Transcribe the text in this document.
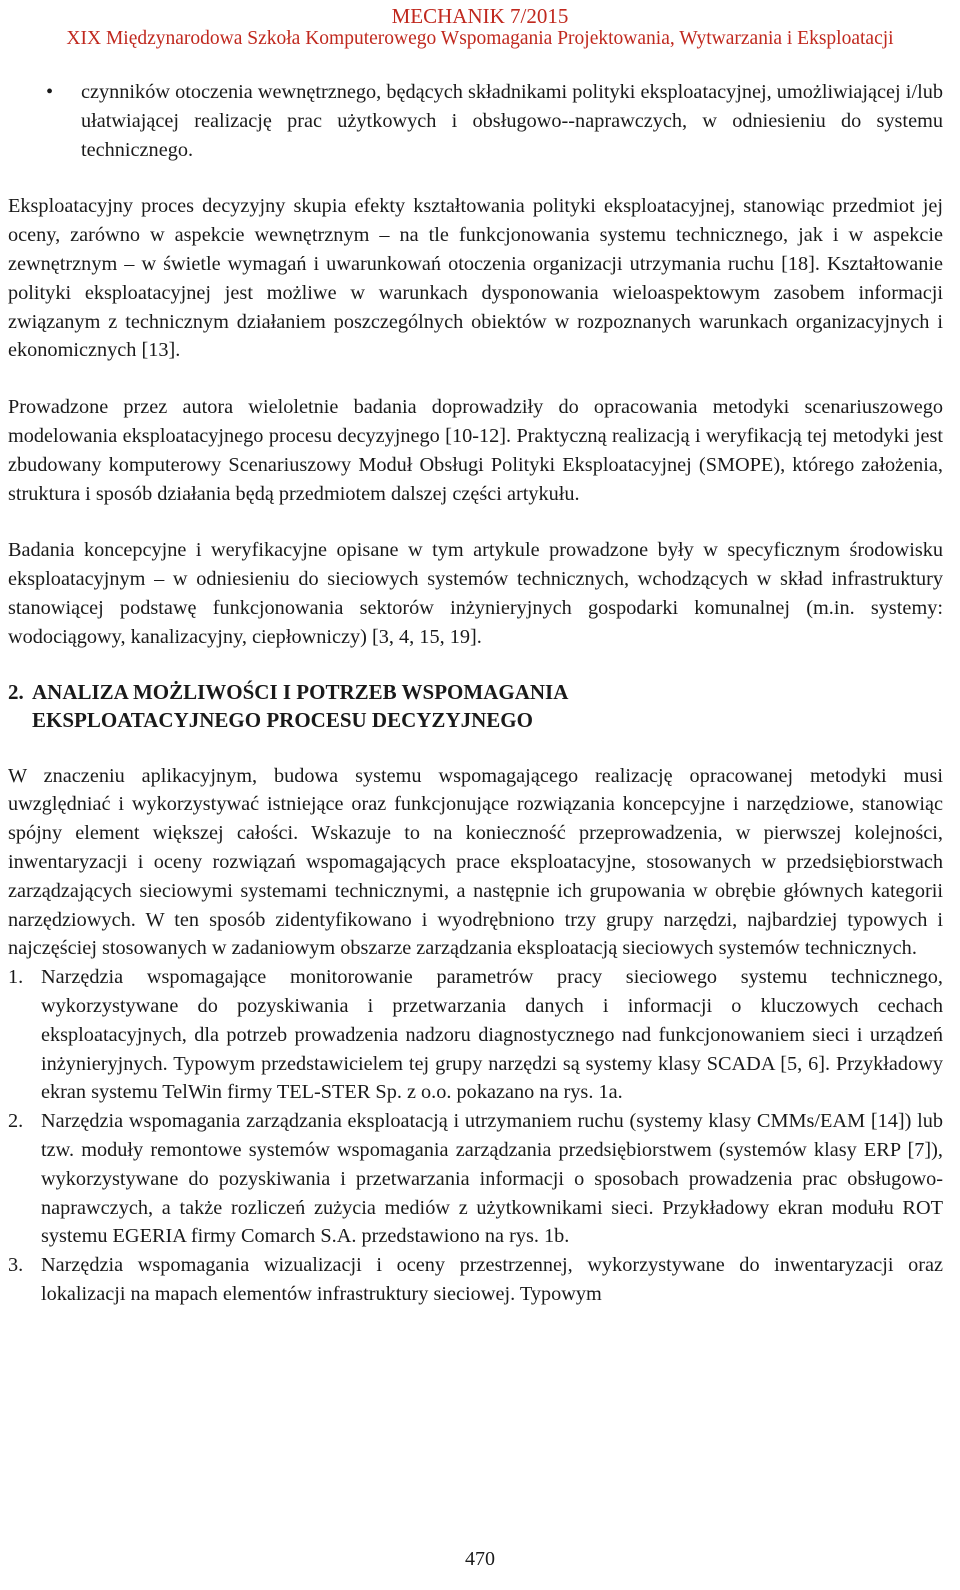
MECHANIK 7/2015
XIX Międzynarodowa Szkoła Komputerowego Wspomagania Projektowania, Wytwarzania i Eksploatacji

• czynników otoczenia wewnętrznego, będących składnikami polityki eksploatacyjnej, umożliwiającej i/lub ułatwiającej realizację prac użytkowych i obsługowo--naprawczych, w odniesieniu do systemu technicznego.

Eksploatacyjny proces decyzyjny skupia efekty kształtowania polityki eksploatacyjnej, stanowiąc przedmiot jej oceny, zarówno w aspekcie wewnętrznym – na tle funkcjonowania systemu technicznego, jak i w aspekcie zewnętrznym – w świetle wymagań i uwarunkowań otoczenia organizacji utrzymania ruchu [18]. Kształtowanie polityki eksploatacyjnej jest możliwe w warunkach dysponowania wieloaspektowym zasobem informacji związanym z technicznym działaniem poszczególnych obiektów w rozpoznanych warunkach organizacyjnych i ekonomicznych [13].

Prowadzone przez autora wieloletnie badania doprowadziły do opracowania metodyki scenariuszowego modelowania eksploatacyjnego procesu decyzyjnego [10-12]. Praktyczną realizacją i weryfikacją tej metodyki jest zbudowany komputerowy Scenariuszowy Moduł Obsługi Polityki Eksploatacyjnej (SMOPE), którego założenia, struktura i sposób działania będą przedmiotem dalszej części artykułu.

Badania koncepcyjne i weryfikacyjne opisane w tym artykule prowadzone były w specyficznym środowisku eksploatacyjnym – w odniesieniu do sieciowych systemów technicznych, wchodzących w skład infrastruktury stanowiącej podstawę funkcjonowania sektorów inżynieryjnych gospodarki komunalnej (m.in. systemy: wodociągowy, kanalizacyjny, ciepłowniczy) [3, 4, 15, 19].

2. ANALIZA MOŻLIWOŚCI I POTRZEB WSPOMAGANIA
EKSPLOATACYJNEGO PROCESU DECYZYJNEGO

W znaczeniu aplikacyjnym, budowa systemu wspomagającego realizację opracowanej metodyki musi uwzględniać i wykorzystywać istniejące oraz funkcjonujące rozwiązania koncepcyjne i narzędziowe, stanowiąc spójny element większej całości. Wskazuje to na konieczność przeprowadzenia, w pierwszej kolejności, inwentaryzacji i oceny rozwiązań wspomagających prace eksploatacyjne, stosowanych w przedsiębiorstwach zarządzających sieciowymi systemami technicznymi, a następnie ich grupowania w obrębie głównych kategorii narzędziowych. W ten sposób zidentyfikowano i wyodrębniono trzy grupy narzędzi, najbardziej typowych i najczęściej stosowanych w zadaniowym obszarze zarządzania eksploatacją sieciowych systemów technicznych.

1. Narzędzia wspomagające monitorowanie parametrów pracy sieciowego systemu technicznego, wykorzystywane do pozyskiwania i przetwarzania danych i informacji o kluczowych cechach eksploatacyjnych, dla potrzeb prowadzenia nadzoru diagnostycznego nad funkcjonowaniem sieci i urządzeń inżynieryjnych. Typowym przedstawicielem tej grupy narzędzi są systemy klasy SCADA [5, 6]. Przykładowy ekran systemu TelWin firmy TEL-STER Sp. z o.o. pokazano na rys. 1a.
2. Narzędzia wspomagania zarządzania eksploatacją i utrzymaniem ruchu (systemy klasy CMMs/EAM [14]) lub tzw. moduły remontowe systemów wspomagania zarządzania przedsiębiorstwem (systemów klasy ERP [7]), wykorzystywane do pozyskiwania i przetwarzania informacji o sposobach prowadzenia prac obsługowo-naprawczych, a także rozliczeń zużycia mediów z użytkownikami sieci. Przykładowy ekran modułu ROT systemu EGERIA firmy Comarch S.A. przedstawiono na rys. 1b.
3. Narzędzia wspomagania wizualizacji i oceny przestrzennej, wykorzystywane do inwentaryzacji oraz lokalizacji na mapach elementów infrastruktury sieciowej. Typowym
470
